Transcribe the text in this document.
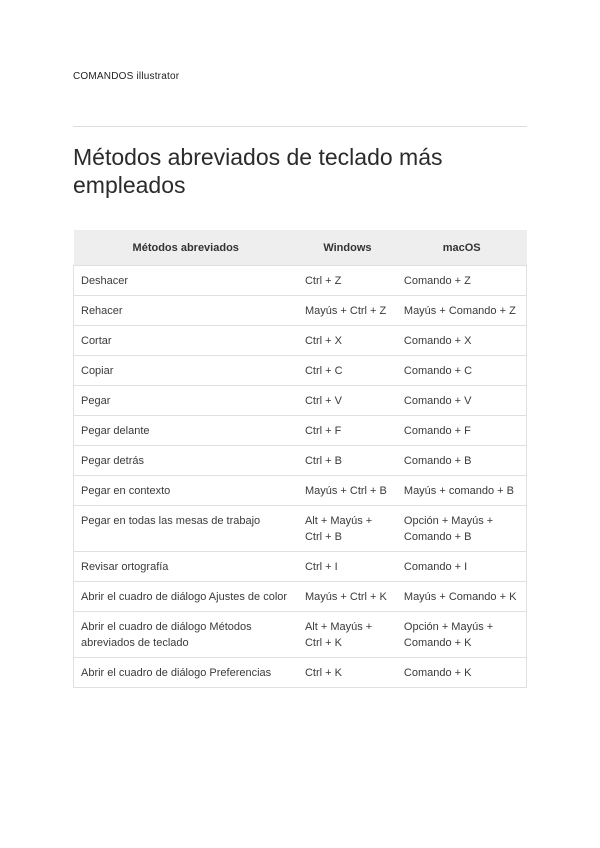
COMANDOS illustrator
Métodos abreviados de teclado más empleados
Métodos abreviados	Windows	macOS
Deshacer	Ctrl + Z	Comando + Z
Rehacer	Mayús + Ctrl + Z	Mayús + Comando + Z
Cortar	Ctrl + X	Comando + X
Copiar	Ctrl + C	Comando + C
Pegar	Ctrl + V	Comando + V
Pegar delante	Ctrl + F	Comando + F
Pegar detrás	Ctrl + B	Comando + B
Pegar en contexto	Mayús + Ctrl + B	Mayús + comando + B
Pegar en todas las mesas de trabajo	Alt + Mayús + Ctrl + B	Opción + Mayús + Comando + B
Revisar ortografía	Ctrl + I	Comando + I
Abrir el cuadro de diálogo Ajustes de color	Mayús + Ctrl + K	Mayús + Comando + K
Abrir el cuadro de diálogo Métodos abreviados de teclado	Alt + Mayús + Ctrl + K	Opción + Mayús + Comando + K
Abrir el cuadro de diálogo Preferencias	Ctrl + K	Comando + K
